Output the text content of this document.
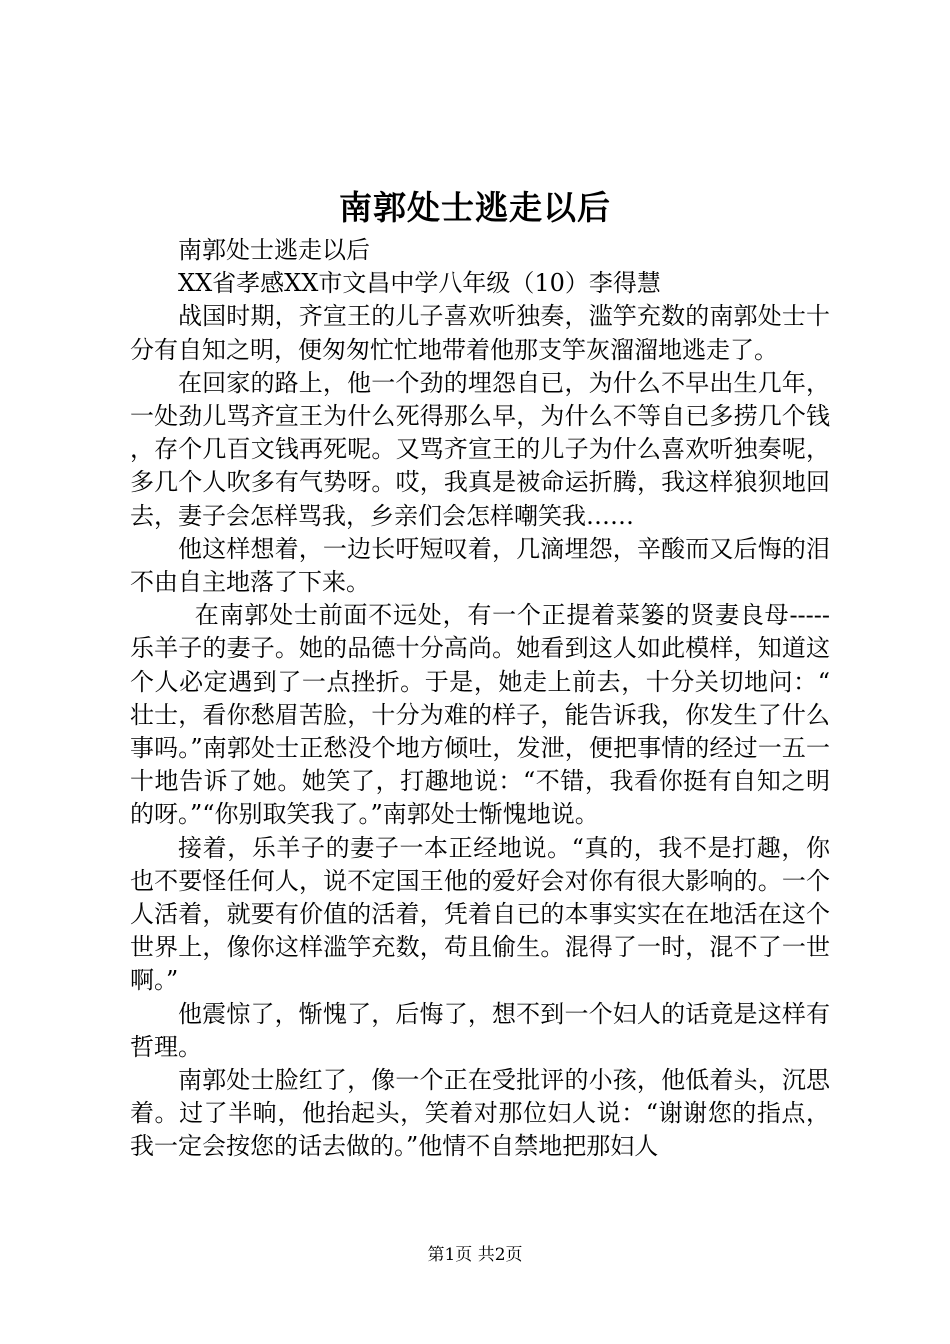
南郭处士逃走以后

南郭处士逃走以后

XX省孝感XX市文昌中学八年级（10）李得慧

战国时期，齐宣王的儿子喜欢听独奏，滥竽充数的南郭处士十分有自知之明，便匆匆忙忙地带着他那支竽灰溜溜地逃走了。

在回家的路上，他一个劲的埋怨自已，为什么不早出生几年，一处劲儿骂齐宣王为什么死得那么早，为什么不等自已多捞几个钱，存个几百文钱再死呢。又骂齐宣王的儿子为什么喜欢听独奏呢，多几个人吹多有气势呀。哎，我真是被命运折腾，我这样狼狈地回去，妻子会怎样骂我，乡亲们会怎样嘲笑我……

他这样想着，一边长吁短叹着，几滴埋怨，辛酸而又后悔的泪不由自主地落了下来。

在南郭处士前面不远处，有一个正提着菜篓的贤妻良母-----乐羊子的妻子。她的品德十分高尚。她看到这人如此模样，知道这个人必定遇到了一点挫折。于是，她走上前去，十分关切地问：“壮士，看你愁眉苦脸，十分为难的样子，能告诉我，你发生了什么事吗。”南郭处士正愁没个地方倾吐，发泄，便把事情的经过一五一十地告诉了她。她笑了，打趣地说：“不错，我看你挺有自知之明的呀。”“你别取笑我了。”南郭处士惭愧地说。

接着，乐羊子的妻子一本正经地说。“真的，我不是打趣，你也不要怪任何人，说不定国王他的爱好会对你有很大影响的。一个人活着，就要有价值的活着，凭着自已的本事实实在在地活在这个世界上，像你这样滥竽充数，苟且偷生。混得了一时，混不了一世啊。”

他震惊了，惭愧了，后悔了，想不到一个妇人的话竟是这样有哲理。

南郭处士脸红了，像一个正在受批评的小孩，他低着头，沉思着。过了半晌，他抬起头，笑着对那位妇人说：“谢谢您的指点，我一定会按您的话去做的。”他情不自禁地把那妇人

第1页 共2页
